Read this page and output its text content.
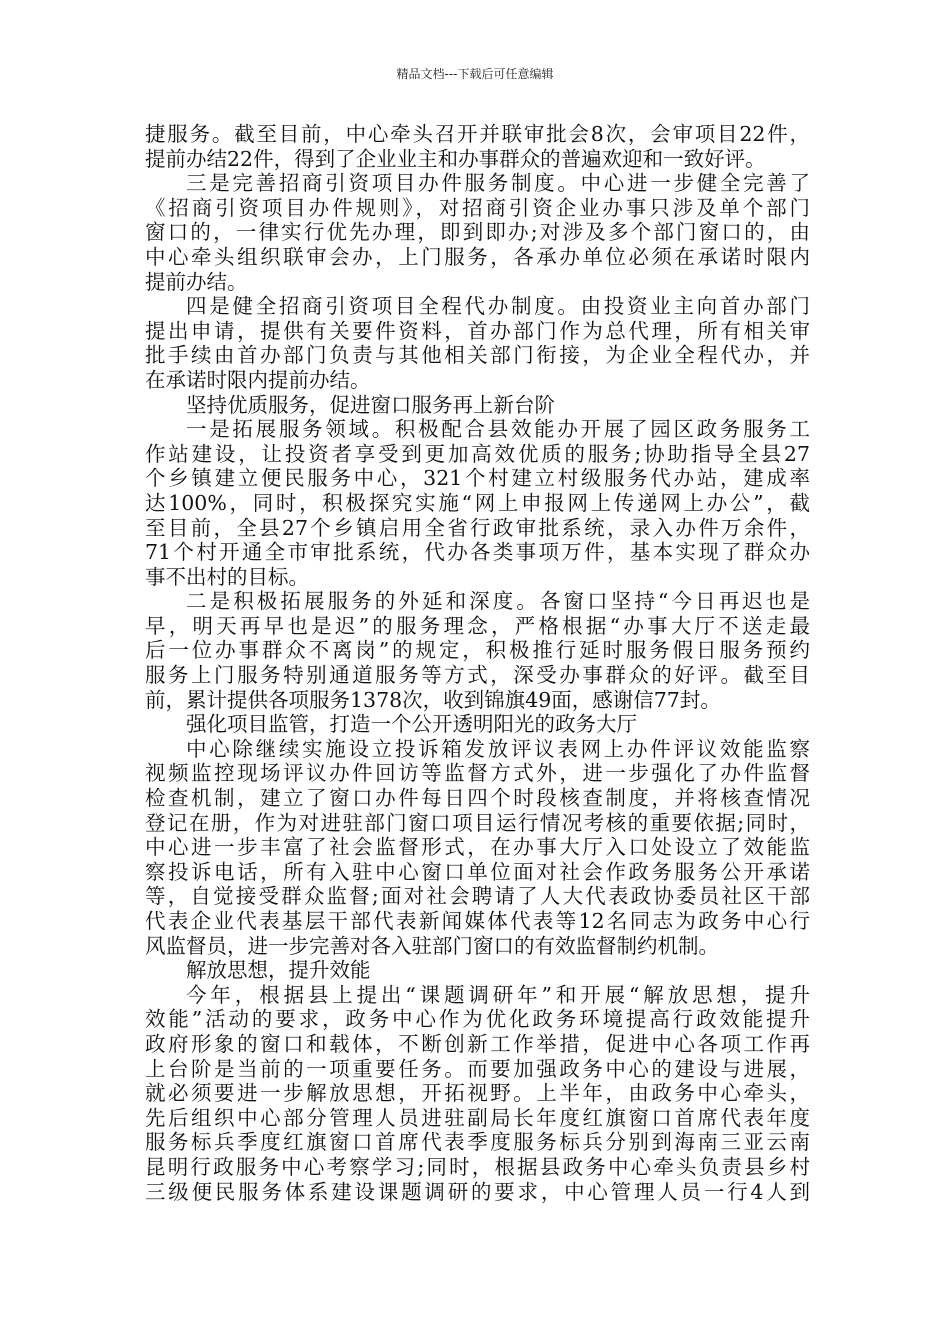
精品文档---下载后可任意编辑
捷服务。截至目前，中心牵头召开并联审批会8次，会审项目22件，
提前办结22件，得到了企业业主和办事群众的普遍欢迎和一致好评。
三是完善招商引资项目办件服务制度。中心进一步健全完善了
《招商引资项目办件规则》，对招商引资企业办事只涉及单个部门
窗口的，一律实行优先办理，即到即办;对涉及多个部门窗口的，由
中心牵头组织联审会办，上门服务，各承办单位必须在承诺时限内
提前办结。
四是健全招商引资项目全程代办制度。由投资业主向首办部门
提出申请，提供有关要件资料，首办部门作为总代理，所有相关审
批手续由首办部门负责与其他相关部门衔接，为企业全程代办，并
在承诺时限内提前办结。
坚持优质服务，促进窗口服务再上新台阶
一是拓展服务领域。积极配合县效能办开展了园区政务服务工
作站建设，让投资者享受到更加高效优质的服务;协助指导全县27
个乡镇建立便民服务中心，321个村建立村级服务代办站，建成率
达100%，同时，积极探究实施“网上申报网上传递网上办公”，截
至目前，全县27个乡镇启用全省行政审批系统，录入办件万余件，
71个村开通全市审批系统，代办各类事项万件，基本实现了群众办
事不出村的目标。
二是积极拓展服务的外延和深度。各窗口坚持“今日再迟也是
早，明天再早也是迟”的服务理念，严格根据“办事大厅不送走最
后一位办事群众不离岗”的规定，积极推行延时服务假日服务预约
服务上门服务特别通道服务等方式，深受办事群众的好评。截至目
前，累计提供各项服务1378次，收到锦旗49面，感谢信77封。
强化项目监管，打造一个公开透明阳光的政务大厅
中心除继续实施设立投诉箱发放评议表网上办件评议效能监察
视频监控现场评议办件回访等监督方式外，进一步强化了办件监督
检查机制，建立了窗口办件每日四个时段核查制度，并将核查情况
登记在册，作为对进驻部门窗口项目运行情况考核的重要依据;同时，
中心进一步丰富了社会监督形式，在办事大厅入口处设立了效能监
察投诉电话，所有入驻中心窗口单位面对社会作政务服务公开承诺
等，自觉接受群众监督;面对社会聘请了人大代表政协委员社区干部
代表企业代表基层干部代表新闻媒体代表等12名同志为政务中心行
风监督员，进一步完善对各入驻部门窗口的有效监督制约机制。
解放思想，提升效能
今年，根据县上提出“课题调研年”和开展“解放思想，提升
效能”活动的要求，政务中心作为优化政务环境提高行政效能提升
政府形象的窗口和载体，不断创新工作举措，促进中心各项工作再
上台阶是当前的一项重要任务。而要加强政务中心的建设与进展，
就必须要进一步解放思想，开拓视野。上半年，由政务中心牵头，
先后组织中心部分管理人员进驻副局长年度红旗窗口首席代表年度
服务标兵季度红旗窗口首席代表季度服务标兵分别到海南三亚云南
昆明行政服务中心考察学习;同时，根据县政务中心牵头负责县乡村
三级便民服务体系建设课题调研的要求，中心管理人员一行4人到
